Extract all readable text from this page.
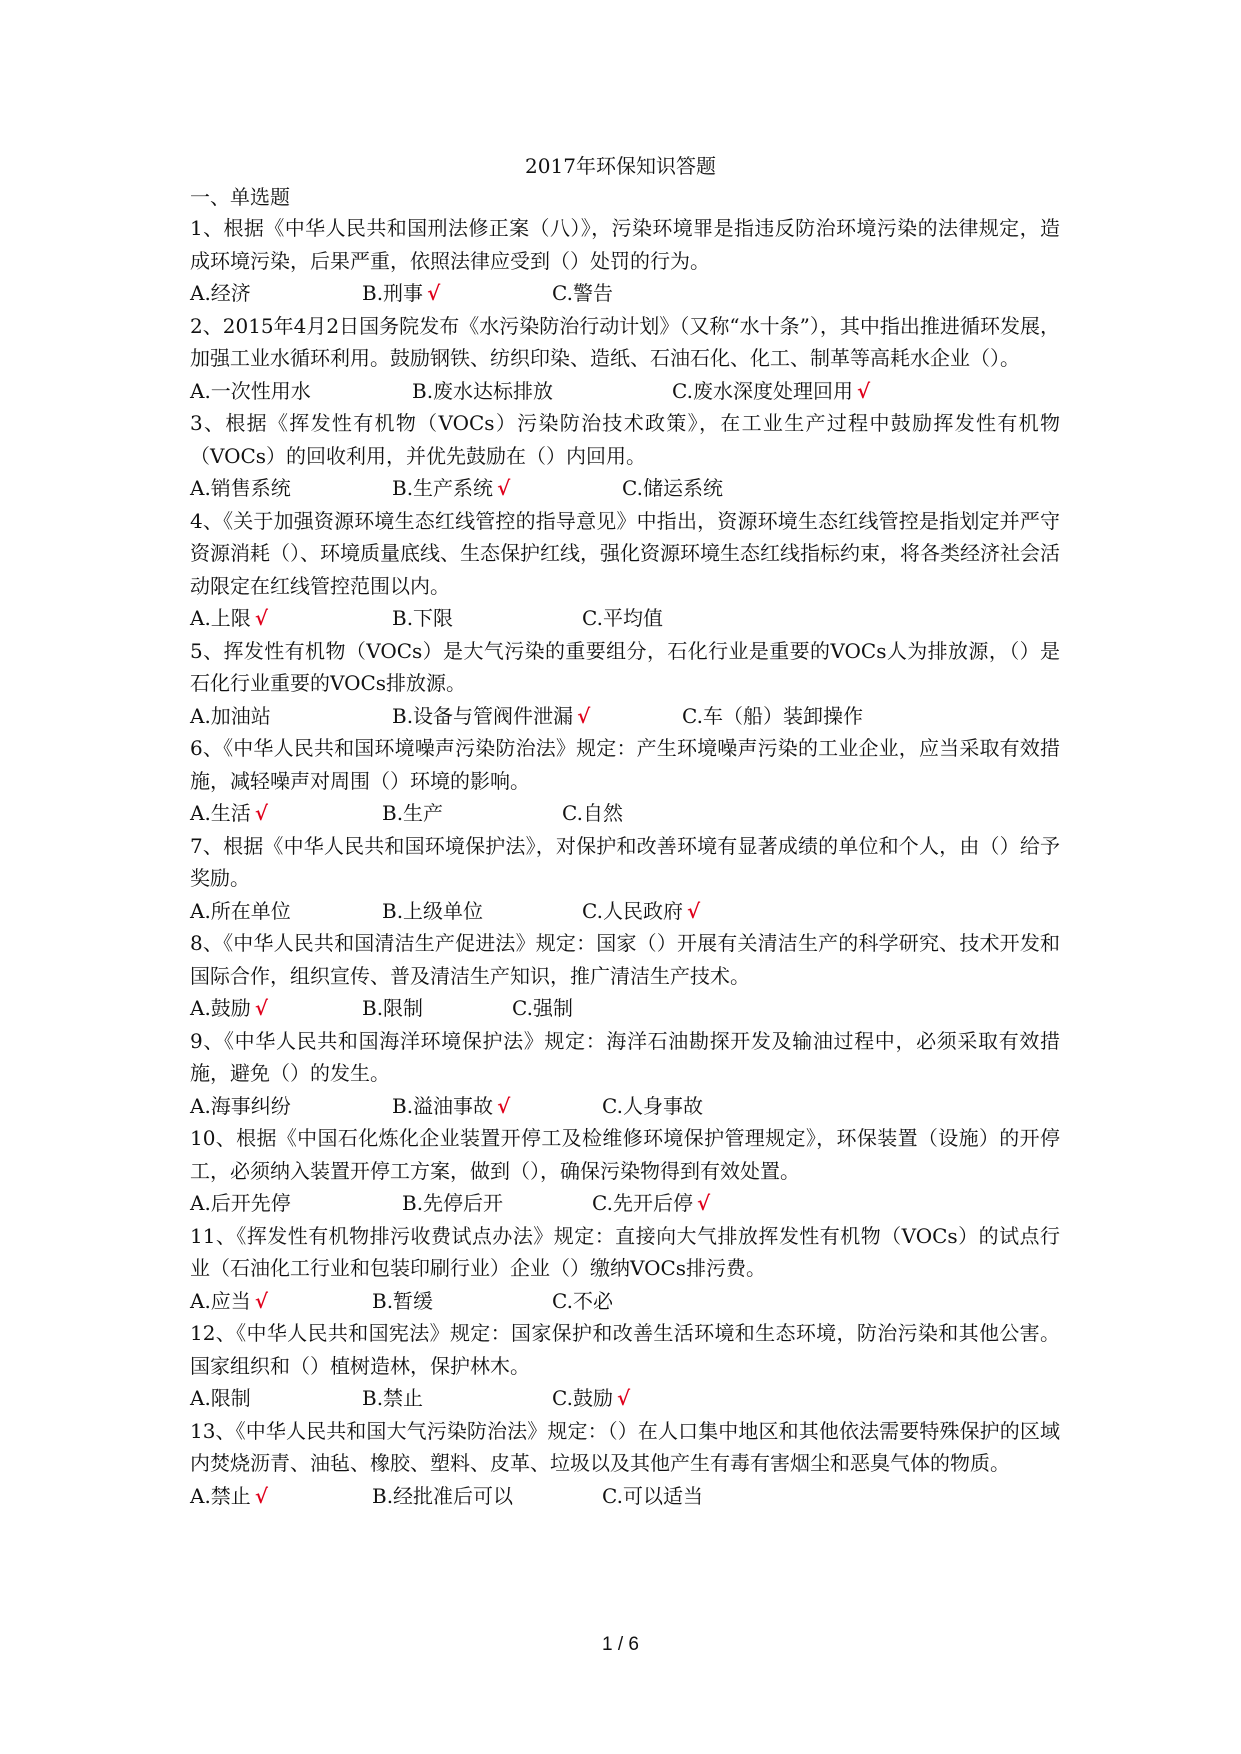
2017年环保知识答题
一、单选题

1、根据《中华人民共和国刑法修正案（八）》，污染环境罪是指违反防治环境污染的法律规定，造成环境污染，后果严重，依照法律应受到（）处罚的行为。

A.经济	B.刑事 √	C.警告

2、2015年4月2日国务院发布《水污染防治行动计划》（又称“水十条”），其中指出推进循环发展，加强工业水循环利用。鼓励钢铁、纺织印染、造纸、石油石化、化工、制革等高耗水企业（）。

A.一次性用水	B.废水达标排放	C.废水深度处理回用 √

3、根据《挥发性有机物（VOCs）污染防治技术政策》，在工业生产过程中鼓励挥发性有机物（VOCs）的回收利用，并优先鼓励在（）内回用。

A.销售系统	B.生产系统 √	C.储运系统

4、《关于加强资源环境生态红线管控的指导意见》中指出，资源环境生态红线管控是指划定并严守资源消耗（）、环境质量底线、生态保护红线，强化资源环境生态红线指标约束，将各类经济社会活动限定在红线管控范围以内。

A.上限 √	B.下限	C.平均值

5、挥发性有机物（VOCs）是大气污染的重要组分，石化行业是重要的VOCs人为排放源，（）是石化行业重要的VOCs排放源。

A.加油站	B.设备与管阀件泄漏 √	C.车（船）装卸操作

6、《中华人民共和国环境噪声污染防治法》规定：产生环境噪声污染的工业企业，应当采取有效措施，减轻噪声对周围（）环境的影响。

A.生活 √	B.生产	C.自然

7、根据《中华人民共和国环境保护法》，对保护和改善环境有显著成绩的单位和个人，由（）给予奖励。

A.所在单位	B.上级单位	C.人民政府 √

8、《中华人民共和国清洁生产促进法》规定：国家（）开展有关清洁生产的科学研究、技术开发和国际合作，组织宣传、普及清洁生产知识，推广清洁生产技术。

A.鼓励 √	B.限制	C.强制

9、《中华人民共和国海洋环境保护法》规定：海洋石油勘探开发及输油过程中，必须采取有效措施，避免（）的发生。

A.海事纠纷	B.溢油事故 √	C.人身事故

10、根据《中国石化炼化企业装置开停工及检维修环境保护管理规定》，环保装置（设施）的开停工，必须纳入装置开停工方案，做到（），确保污染物得到有效处置。

A.后开先停	B.先停后开	C.先开后停 √

11、《挥发性有机物排污收费试点办法》规定：直接向大气排放挥发性有机物（VOCs）的试点行业（石油化工行业和包装印刷行业）企业（）缴纳VOCs排污费。

A.应当 √	B.暂缓	C.不必

12、《中华人民共和国宪法》规定：国家保护和改善生活环境和生态环境，防治污染和其他公害。国家组织和（）植树造林，保护林木。

A.限制	B.禁止	C.鼓励 √

13、《中华人民共和国大气污染防治法》规定：（）在人口集中地区和其他依法需要特殊保护的区域内焚烧沥青、油毡、橡胶、塑料、皮革、垃圾以及其他产生有毒有害烟尘和恶臭气体的物质。

A.禁止 √	B.经批准后可以	C.可以适当
1 / 6
